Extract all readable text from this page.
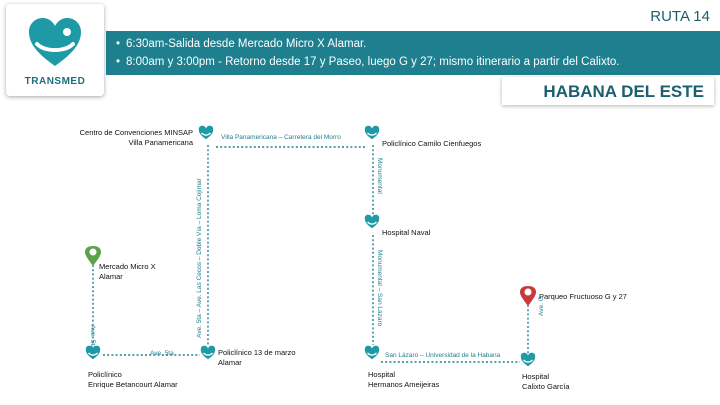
TRANSMED
RUTA 14
• 6:30am-Salida desde Mercado Micro X Alamar.
• 8:00am y 3:00pm - Retorno desde 17 y Paseo, luego G y 27; mismo itinerario a partir del Calixto.
HABANA DEL ESTE
Centro de Convenciones MINSAP
Villa Panamericana	Policlínico Camilo Cienfuegos
Hospital Naval
Mercado Micro X
Alamar
Policlínico 13 de marzo
Alamar
Policlínico
Enrique Betancourt Alamar
Hospital
Hermanos Ameijeiras
Parqueo Fructuoso G y 27
Hospital
Calixto García
Villa Panamericana – Carretera del Morro
Ave. 5ta	San Lázaro – Universidad de la Habana
Ave. 5ta – Ave. Las Cecos – Doble Vía – Loma Cojímar
Ave. 5ta
Monumental
Monumental – San Lázaro	Ave. G
